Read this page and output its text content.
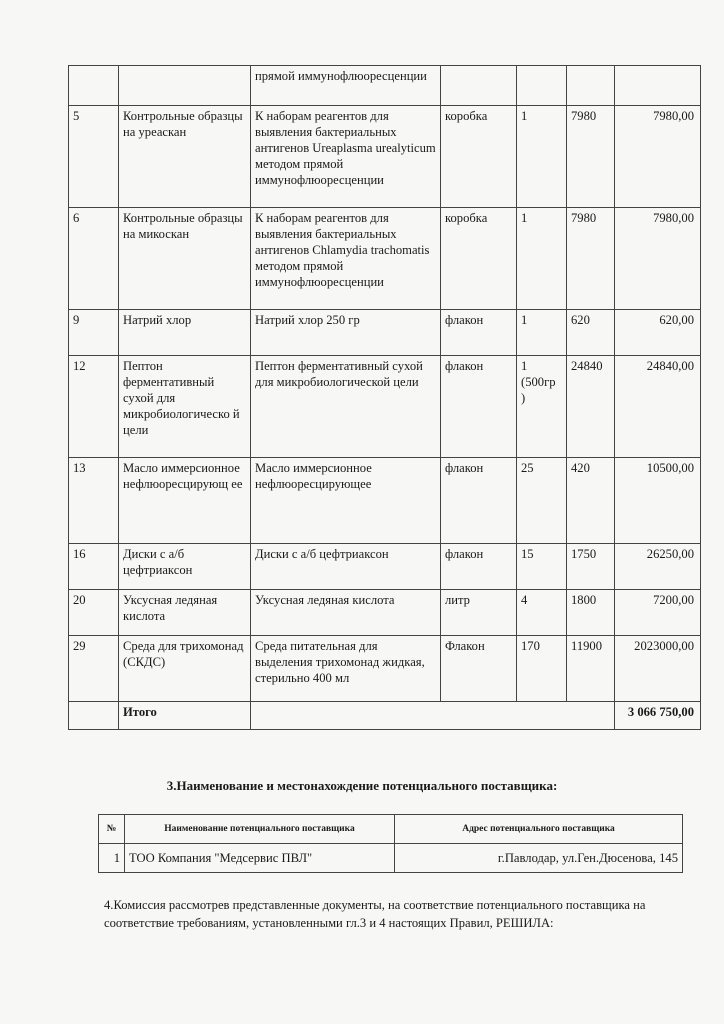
		прямой иммунофлюоресценции				
5	Контрольные образцы на уреаскан	К наборам реагентов для выявления бактериальных антигенов Ureaplasma urealyticum методом прямой иммунофлюоресценции	коробка	1	7980	7980,00
6	Контрольные образцы на микоскан	К наборам реагентов для выявления бактериальных антигенов Chlamydia trachomatis методом прямой иммунофлюоресценции	коробка	1	7980	7980,00
9	Натрий хлор	Натрий хлор 250 гр	флакон	1	620	620,00
12	Пептон ферментативный сухой для микробиологическо й цели	Пептон ферментативный сухой для микробиологической цели	флакон	1 (500гр )	24840	24840,00
13	Масло иммерсионное нефлюоресцирующ ее	Масло иммерсионное нефлюоресцирующее	флакон	25	420	10500,00
16	Диски с а/б цефтриаксон	Диски с а/б цефтриаксон	флакон	15	1750	26250,00
20	Уксусная ледяная кислота	Уксусная ледяная кислота	литр	4	1800	7200,00
29	Среда для трихомонад (СКДС)	Среда питательная для выделения трихомонад жидкая, стерильно 400 мл	Флакон	170	11900	2023000,00
	Итого					3 066 750,00
3.Наименование и местонахождение потенциального поставщика:
№	Наименование потенциального поставщика	Адрес потенциального поставщика
1	ТОО Компания "Медсервис ПВЛ"	г.Павлодар, ул.Ген.Дюсенова, 145
4.Комиссия рассмотрев представленные документы, на соответствие потенциального поставщика на соответствие требованиям, установленными гл.3 и 4 настоящих Правил, РЕШИЛА:
